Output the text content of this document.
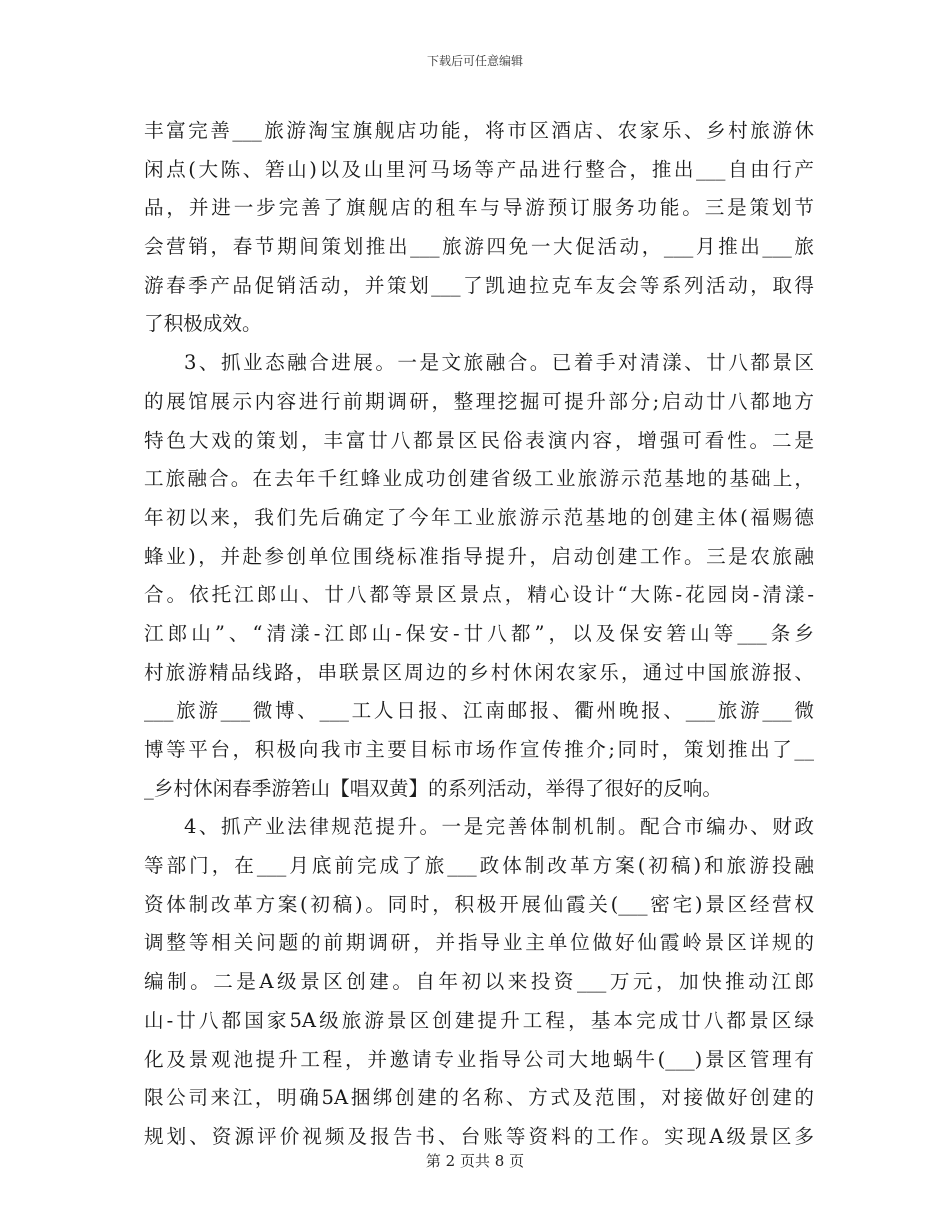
下载后可任意编辑
丰富完善___旅游淘宝旗舰店功能，将市区酒店、农家乐、乡村旅游休
闲点(大陈、箬山)以及山里河马场等产品进行整合，推出___自由行产
品，并进一步完善了旗舰店的租车与导游预订服务功能。三是策划节
会营销，春节期间策划推出___旅游四免一大促活动，___月推出___旅
游春季产品促销活动，并策划___了凯迪拉克车友会等系列活动，取得
了积极成效。
3、抓业态融合进展。一是文旅融合。已着手对清漾、廿八都景区
的展馆展示内容进行前期调研，整理挖掘可提升部分;启动廿八都地方
特色大戏的策划，丰富廿八都景区民俗表演内容，增强可看性。二是
工旅融合。在去年千红蜂业成功创建省级工业旅游示范基地的基础上，
年初以来，我们先后确定了今年工业旅游示范基地的创建主体(福赐德
蜂业)，并赴参创单位围绕标准指导提升，启动创建工作。三是农旅融
合。依托江郎山、廿八都等景区景点，精心设计“大陈-花园岗-清漾-
江郎山”、“清漾-江郎山-保安-廿八都”，以及保安箬山等___条乡
村旅游精品线路，串联景区周边的乡村休闲农家乐，通过中国旅游报、
___旅游___微博、___工人日报、江南邮报、衢州晚报、___旅游___微
博等平台，积极向我市主要目标市场作宣传推介;同时，策划推出了__
_乡村休闲春季游箬山【唱双黄】的系列活动，举得了很好的反响。
4、抓产业法律规范提升。一是完善体制机制。配合市编办、财政
等部门，在___月底前完成了旅___政体制改革方案(初稿)和旅游投融
资体制改革方案(初稿)。同时，积极开展仙霞关(___密宅)景区经营权
调整等相关问题的前期调研，并指导业主单位做好仙霞岭景区详规的
编制。二是A级景区创建。自年初以来投资___万元，加快推动江郎
山-廿八都国家5A级旅游景区创建提升工程，基本完成廿八都景区绿
化及景观池提升工程，并邀请专业指导公司大地蜗牛(___)景区管理有
限公司来江，明确5A捆绑创建的名称、方式及范围，对接做好创建的
规划、资源评价视频及报告书、台账等资料的工作。实现A级景区多
第 2 页共 8 页
